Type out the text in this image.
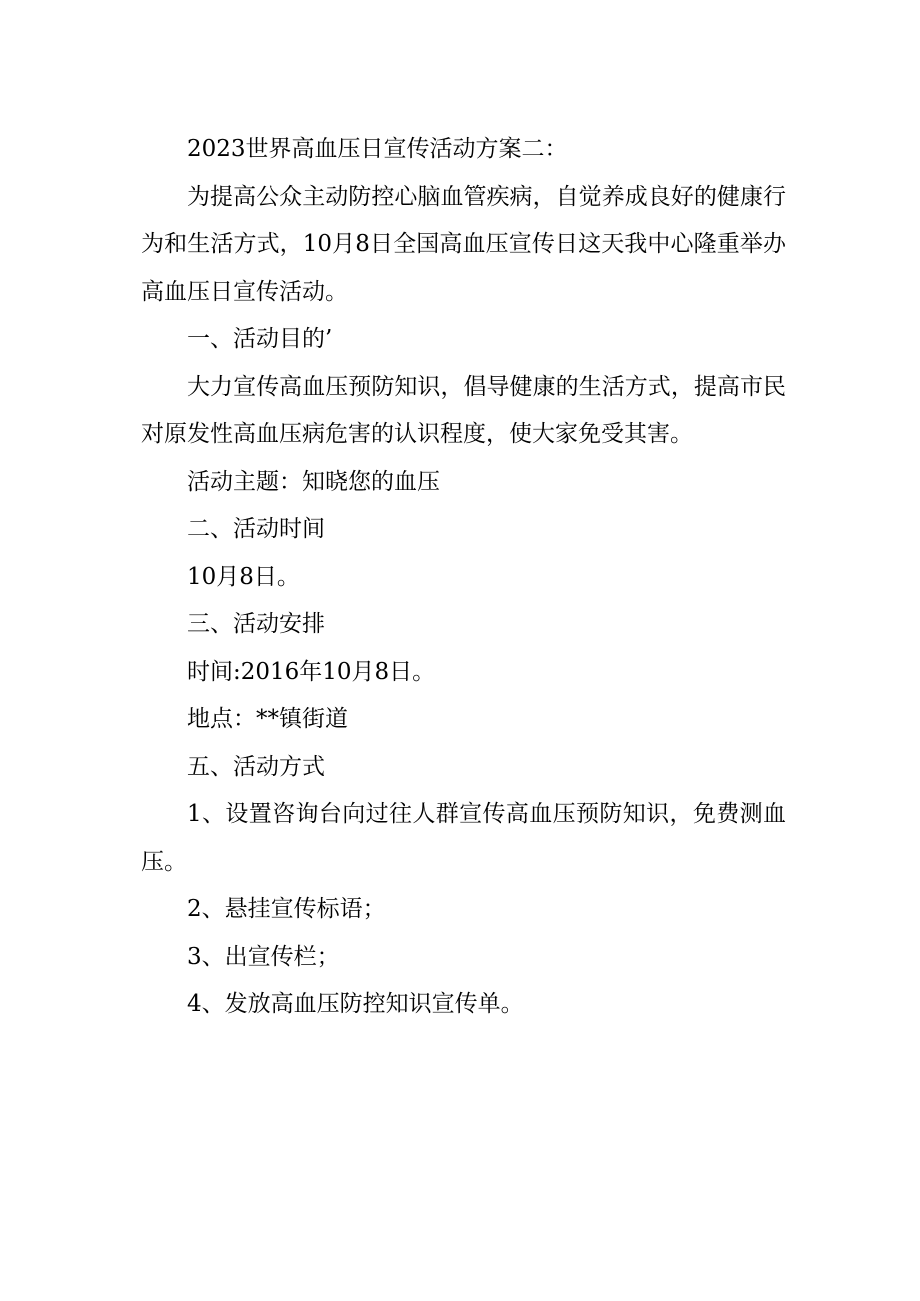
2023世界高血压日宣传活动方案二：

为提高公众主动防控心脑血管疾病，自觉养成良好的健康行为和生活方式，10月8日全国高血压宣传日这天我中心隆重举办高血压日宣传活动。

一、活动目的’

大力宣传高血压预防知识，倡导健康的生活方式，提高市民对原发性高血压病危害的认识程度，使大家免受其害。

活动主题：知晓您的血压

二、活动时间

10月8日。

三、活动安排

时间:2016年10月8日。

地点：**镇街道

五、活动方式

1、设置咨询台向过往人群宣传高血压预防知识，免费测血压。

2、悬挂宣传标语；

3、出宣传栏；

4、发放高血压防控知识宣传单。
